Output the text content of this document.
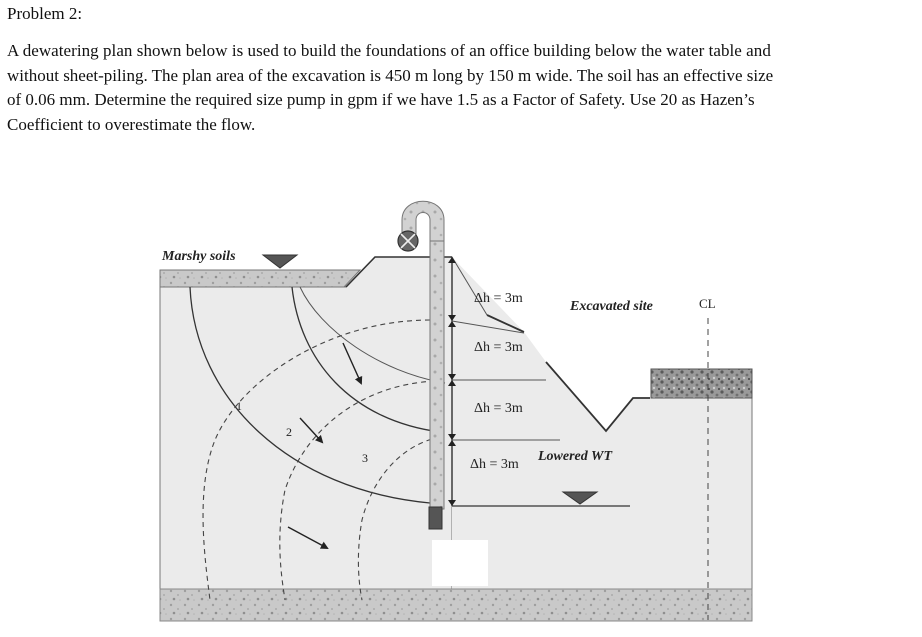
Problem 2:
A dewatering plan shown below is used to build the foundations of an office building below the water table and
without sheet-piling. The plan area of the excavation is 450 m long by 150 m wide. The soil has an effective size
of 0.06 mm. Determine the required size pump in gpm if we have 1.5 as a Factor of Safety. Use 20 as Hazen’s
Coefficient to overestimate the flow.
Marshy soils
Δh = 3m
Δh = 3m
Δh = 3m
Δh = 3m
Excavated site	CL
Lowered WT
1
2
3
